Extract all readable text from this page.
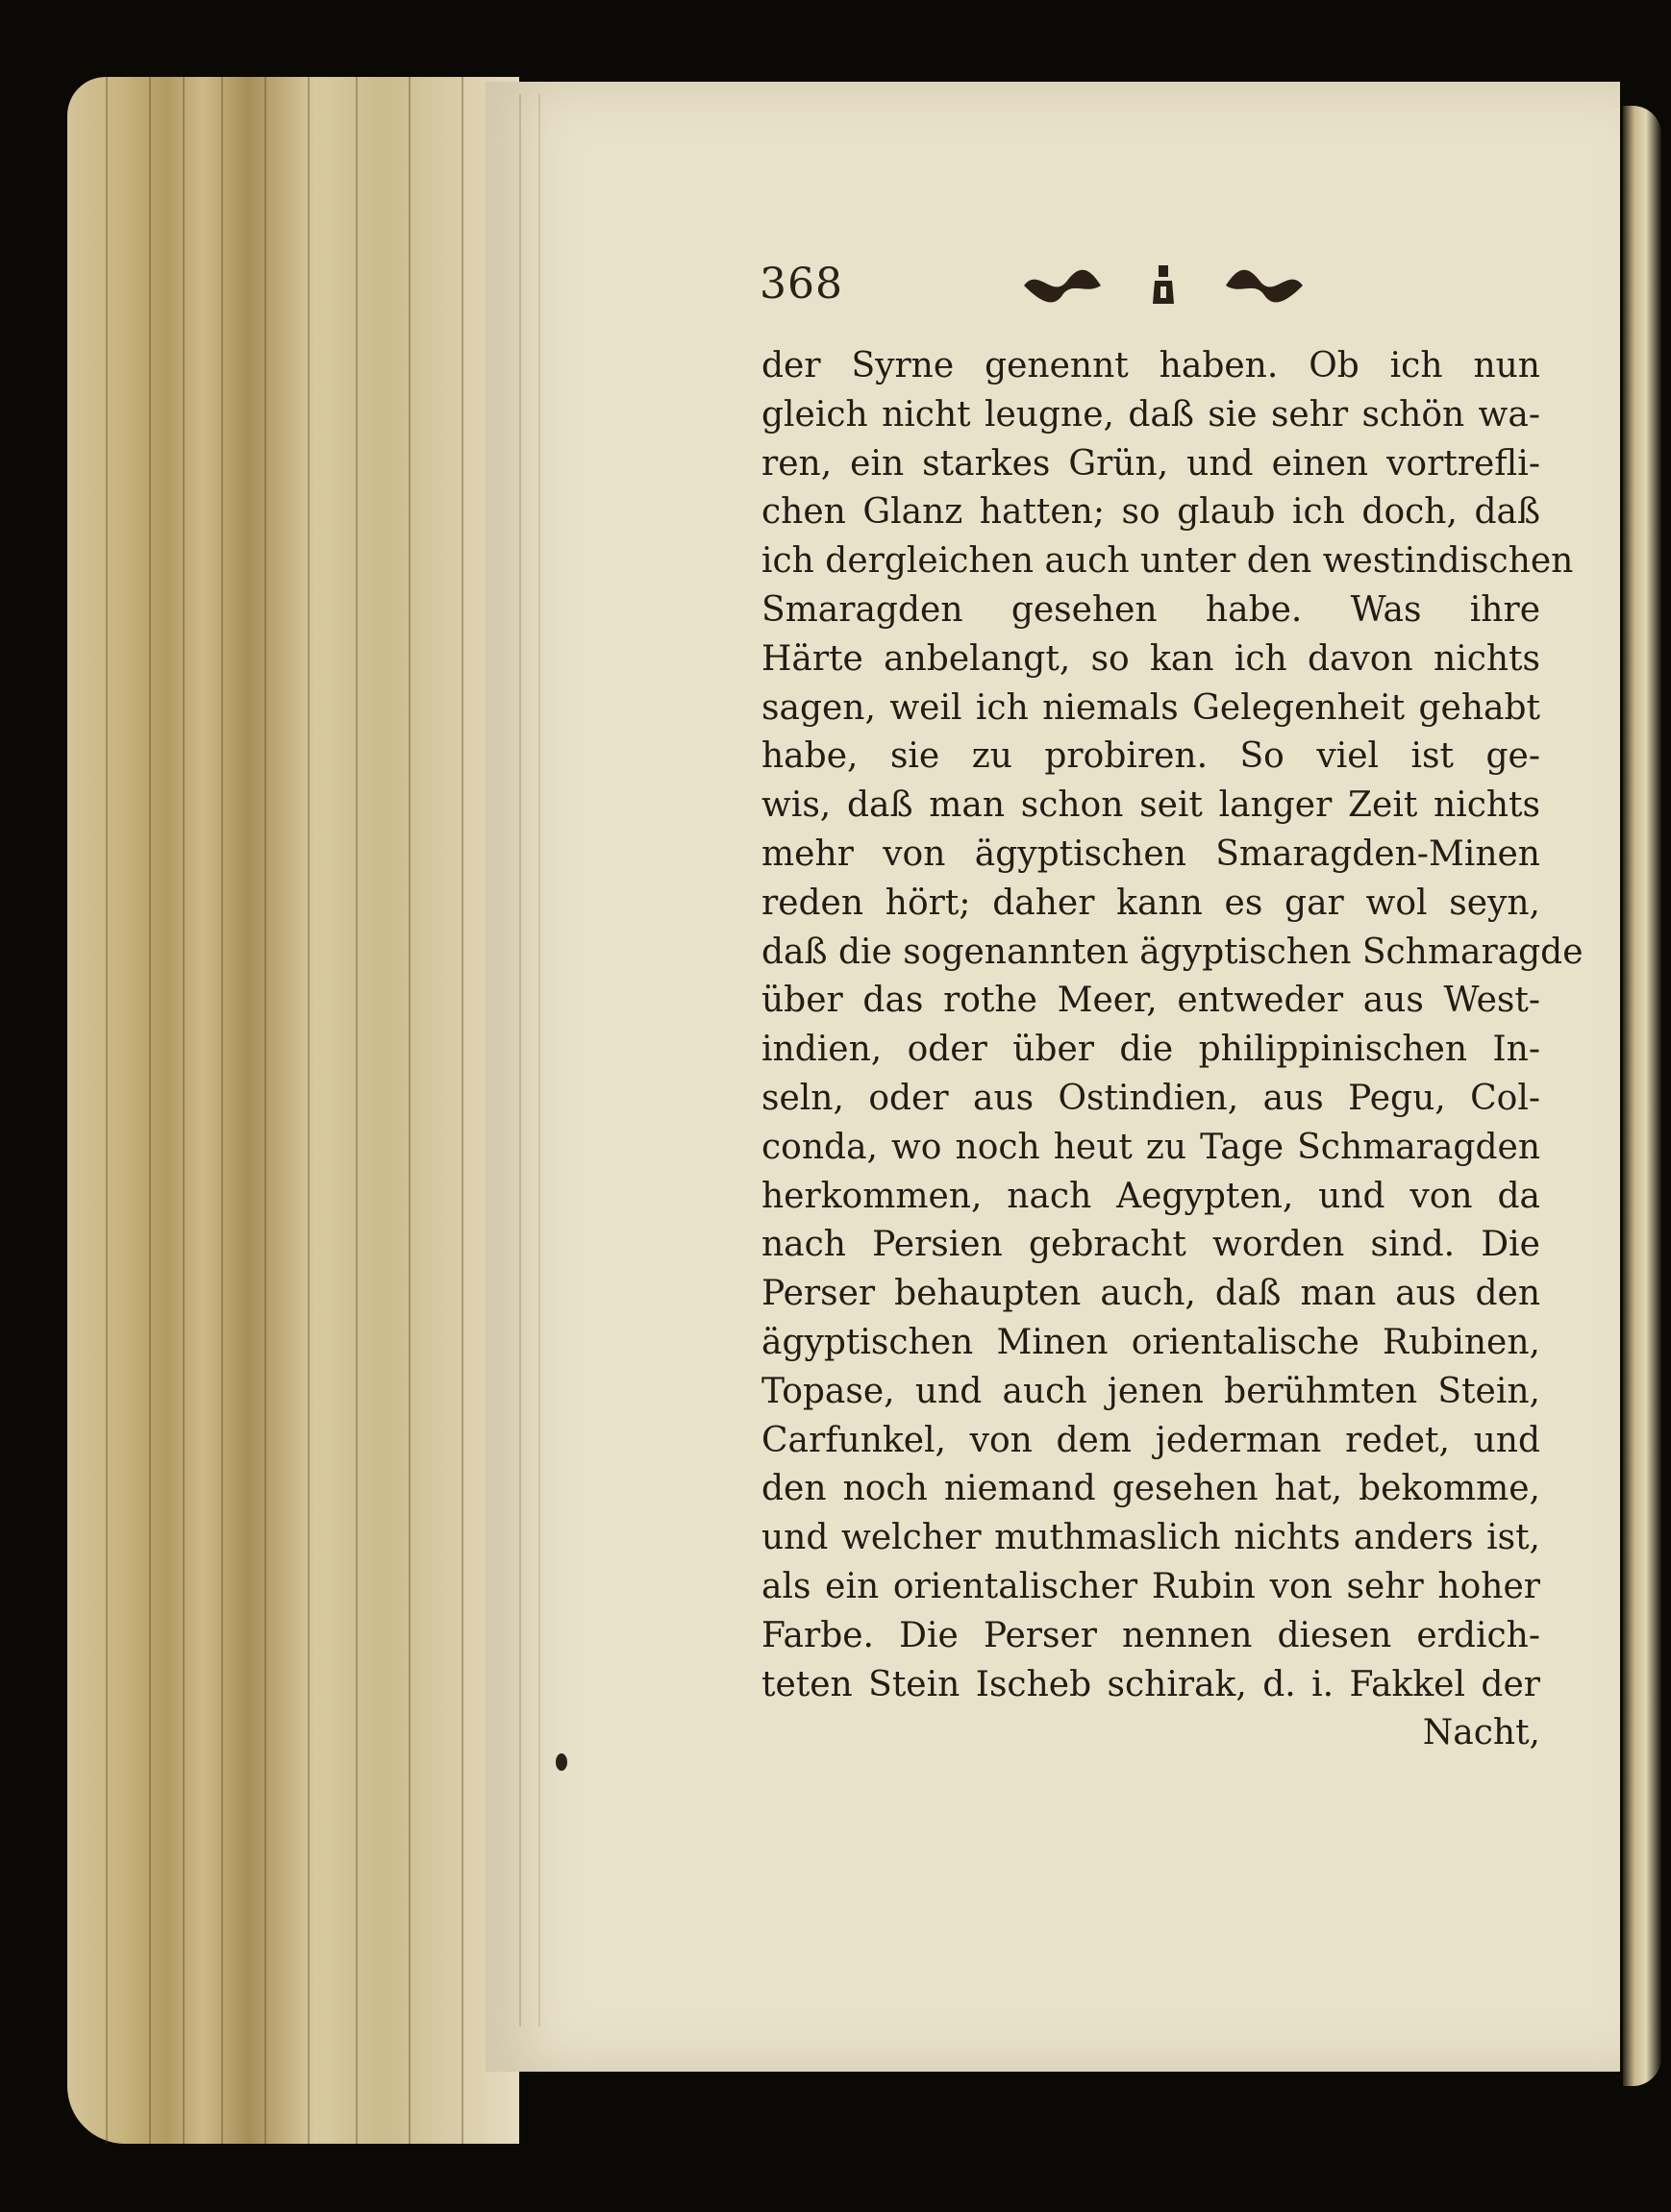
368
der Syrne genennt haben. Ob ich nun
gleich nicht leugne, daß sie sehr schön wa-
ren, ein starkes Grün, und einen vortrefli-
chen Glanz hatten; so glaub ich doch, daß
ich dergleichen auch unter den westindischen
Smaragden gesehen habe. Was ihre
Härte anbelangt, so kan ich davon nichts
sagen, weil ich niemals Gelegenheit gehabt
habe, sie zu probiren. So viel ist ge-
wis, daß man schon seit langer Zeit nichts
mehr von ägyptischen Smaragden-Minen
reden hört; daher kann es gar wol seyn,
daß die sogenannten ägyptischen Schmaragde
über das rothe Meer, entweder aus West-
indien, oder über die philippinischen In-
seln, oder aus Ostindien, aus Pegu, Col-
conda, wo noch heut zu Tage Schmaragden
herkommen, nach Aegypten, und von da
nach Persien gebracht worden sind. Die
Perser behaupten auch, daß man aus den
ägyptischen Minen orientalische Rubinen,
Topase, und auch jenen berühmten Stein,
Carfunkel, von dem jederman redet, und
den noch niemand gesehen hat, bekomme,
und welcher muthmaslich nichts anders ist,
als ein orientalischer Rubin von sehr hoher
Farbe. Die Perser nennen diesen erdich-
teten Stein Ischeb schirak, d. i. Fakkel der
Nacht,
